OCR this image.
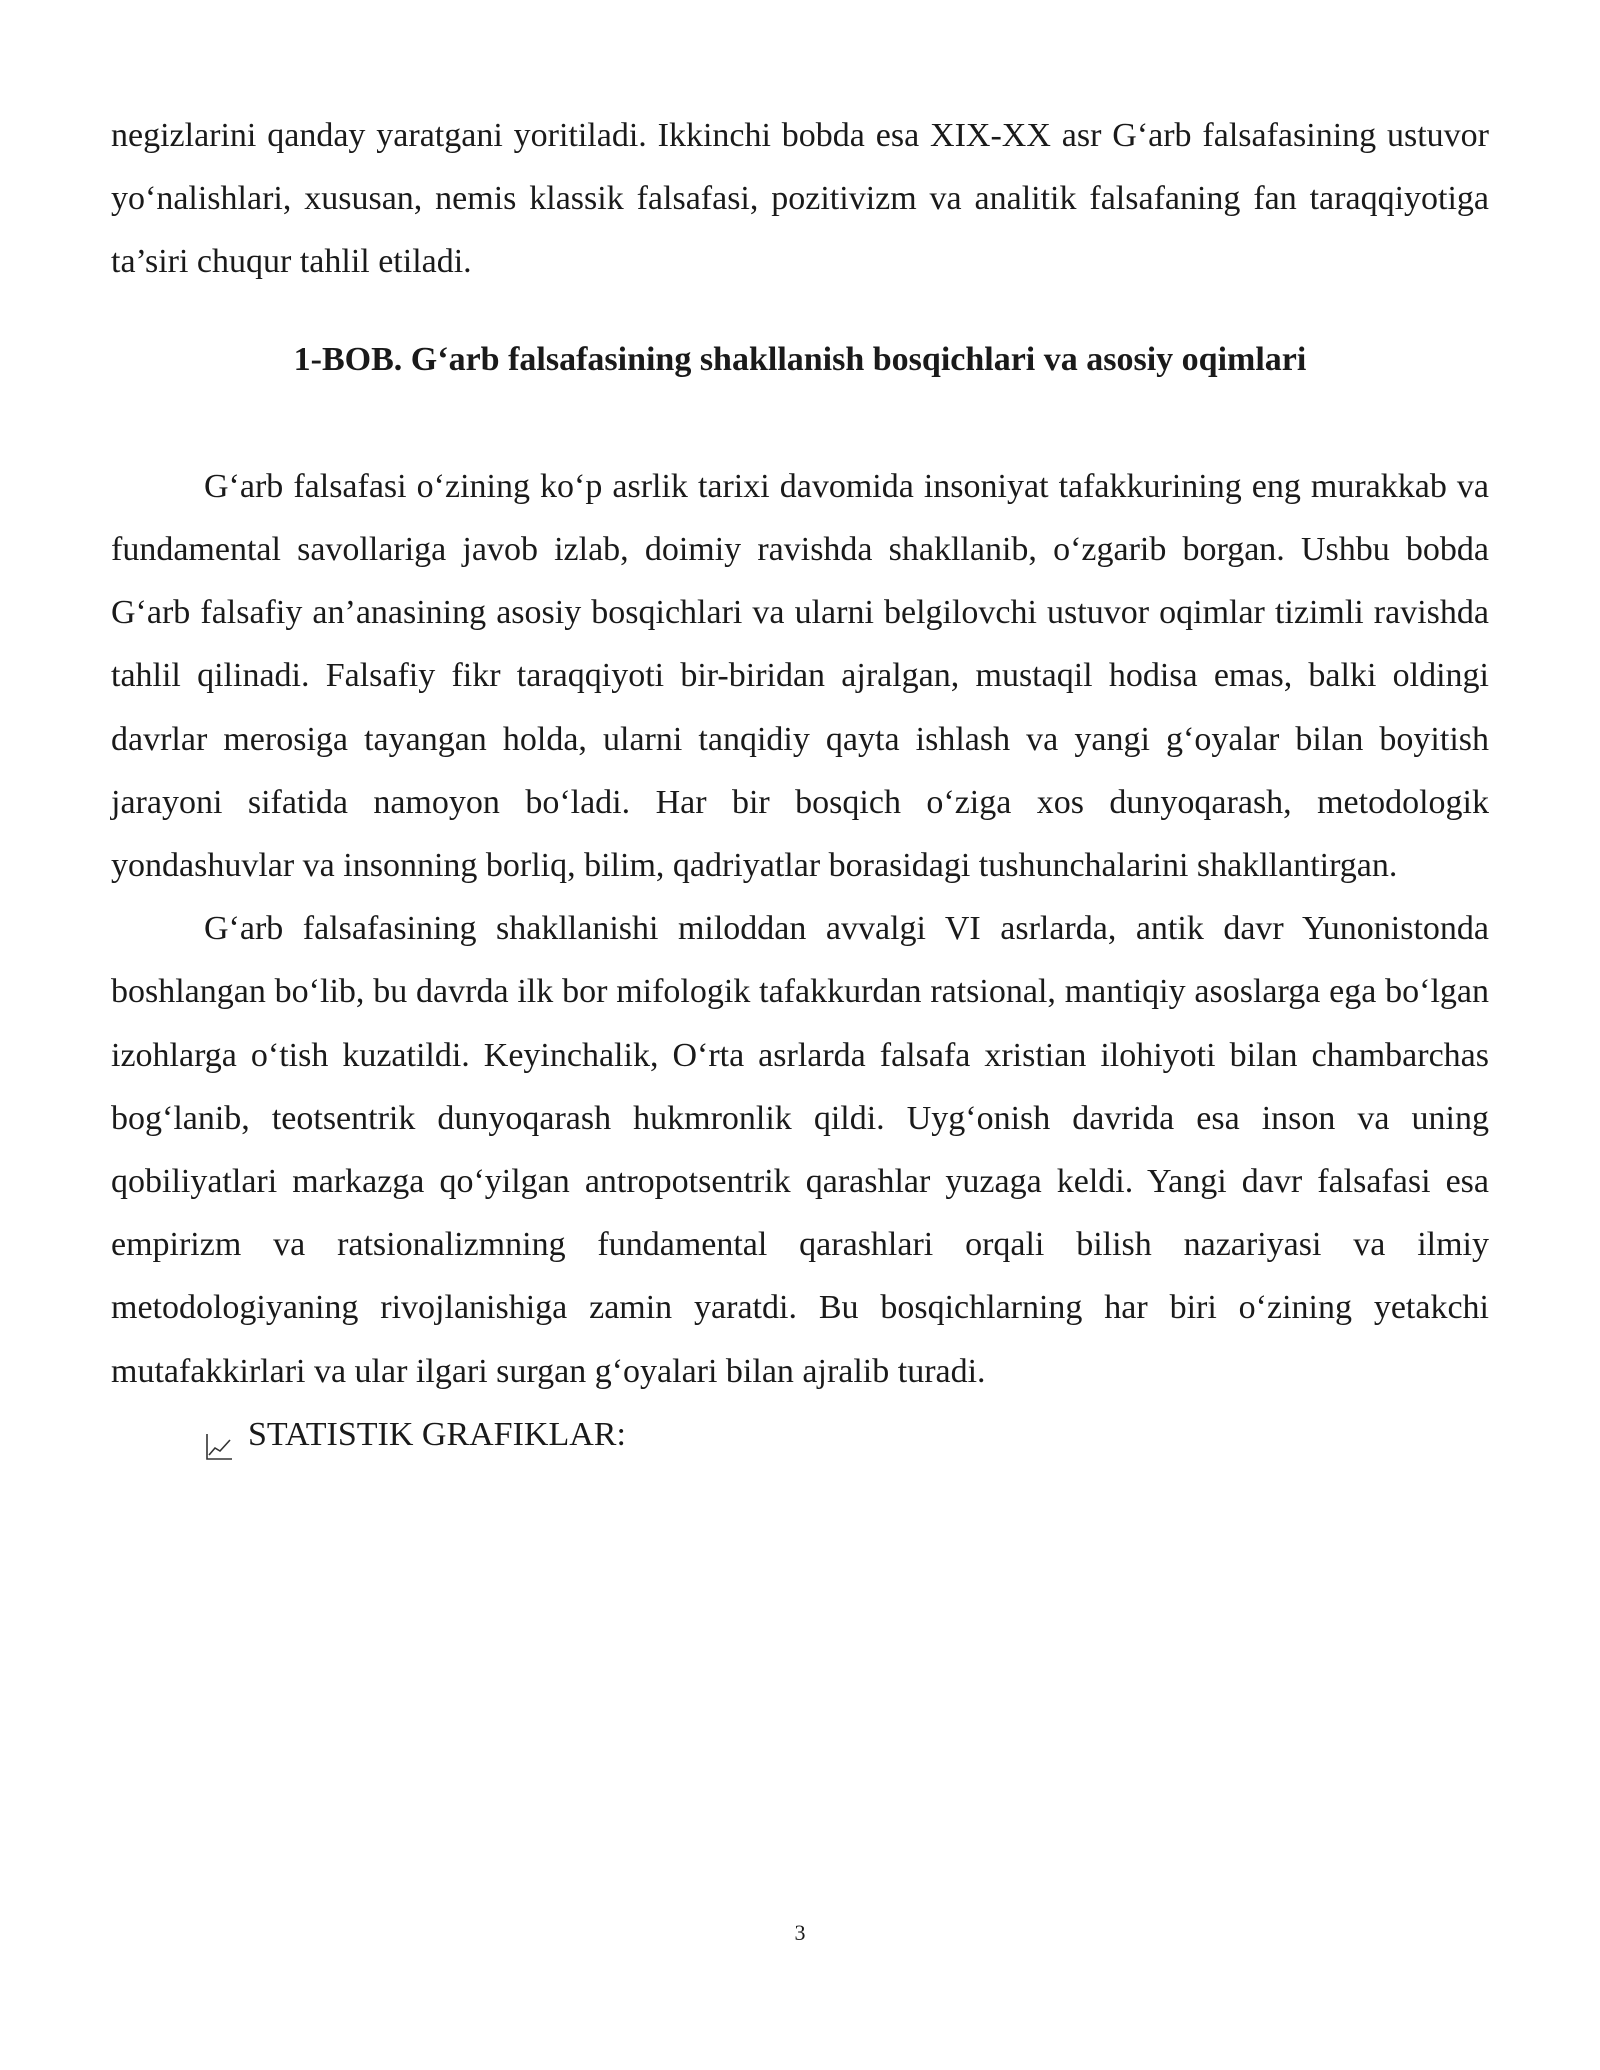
negizlarini qanday yaratgani yoritiladi. Ikkinchi bobda esa XIX-XX asr G‘arb falsafasining ustuvor yo‘nalishlari, xususan, nemis klassik falsafasi, pozitivizm va analitik falsafaning fan taraqqiyotiga ta’siri chuqur tahlil etiladi.

1-BOB. G‘arb falsafasining shakllanish bosqichlari va asosiy oqimlari

G‘arb falsafasi o‘zining ko‘p asrlik tarixi davomida insoniyat tafakkurining eng murakkab va fundamental savollariga javob izlab, doimiy ravishda shakllanib, o‘zgarib borgan. Ushbu bobda G‘arb falsafiy an’anasining asosiy bosqichlari va ularni belgilovchi ustuvor oqimlar tizimli ravishda tahlil qilinadi. Falsafiy fikr taraqqiyoti bir-biridan ajralgan, mustaqil hodisa emas, balki oldingi davrlar merosiga tayangan holda, ularni tanqidiy qayta ishlash va yangi g‘oyalar bilan boyitish jarayoni sifatida namoyon bo‘ladi. Har bir bosqich o‘ziga xos dunyoqarash, metodologik yondashuvlar va insonning borliq, bilim, qadriyatlar borasidagi tushunchalarini shakllantirgan.

G‘arb falsafasining shakllanishi miloddan avvalgi VI asrlarda, antik davr Yunonistonda boshlangan bo‘lib, bu davrda ilk bor mifologik tafakkurdan ratsional, mantiqiy asoslarga ega bo‘lgan izohlarga o‘tish kuzatildi. Keyinchalik, O‘rta asrlarda falsafa xristian ilohiyoti bilan chambarchas bog‘lanib, teotsentrik dunyoqarash hukmronlik qildi. Uyg‘onish davrida esa inson va uning qobiliyatlari markazga qo‘yilgan antropotsentrik qarashlar yuzaga keldi. Yangi davr falsafasi esa empirizm va ratsionalizmning fundamental qarashlari orqali bilish nazariyasi va ilmiy metodologiyaning rivojlanishiga zamin yaratdi. Bu bosqichlarning har biri o‘zining yetakchi mutafakkirlari va ular ilgari surgan g‘oyalari bilan ajralib turadi.

STATISTIK GRAFIKLAR:

3
